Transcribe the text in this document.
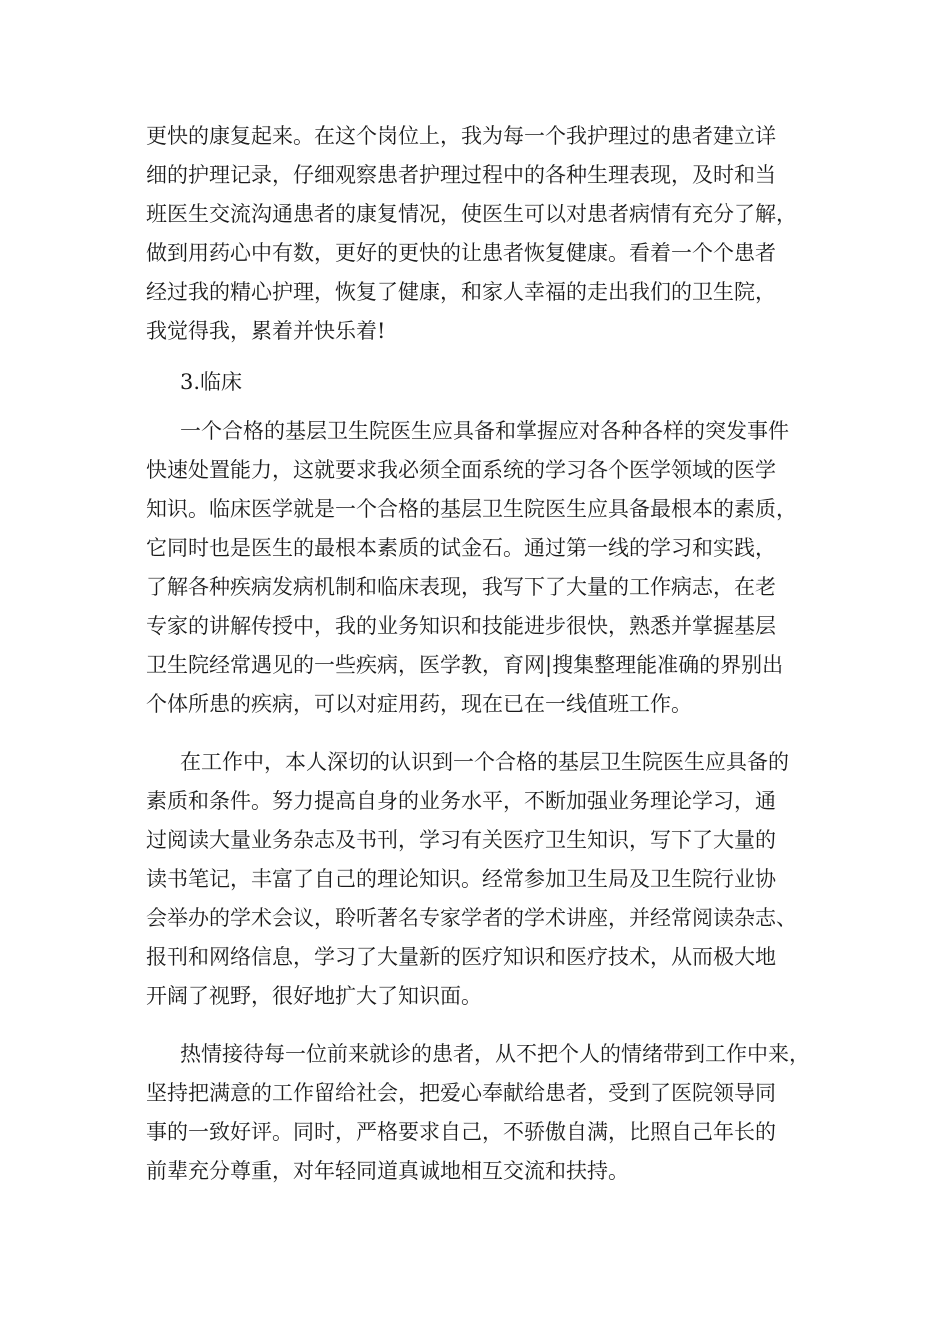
更快的康复起来。在这个岗位上，我为每一个我护理过的患者建立详
细的护理记录，仔细观察患者护理过程中的各种生理表现，及时和当
班医生交流沟通患者的康复情况，使医生可以对患者病情有充分了解，
做到用药心中有数，更好的更快的让患者恢复健康。看着一个个患者
经过我的精心护理，恢复了健康，和家人幸福的走出我们的卫生院，
我觉得我，累着并快乐着!
3.临床
一个合格的基层卫生院医生应具备和掌握应对各种各样的突发事件
快速处置能力，这就要求我必须全面系统的学习各个医学领域的医学
知识。临床医学就是一个合格的基层卫生院医生应具备最根本的素质，
它同时也是医生的最根本素质的试金石。通过第一线的学习和实践，
了解各种疾病发病机制和临床表现，我写下了大量的工作病志，在老
专家的讲解传授中，我的业务知识和技能进步很快，熟悉并掌握基层
卫生院经常遇见的一些疾病，医学教，育网|搜集整理能准确的界别出
个体所患的疾病，可以对症用药，现在已在一线值班工作。
在工作中，本人深切的认识到一个合格的基层卫生院医生应具备的
素质和条件。努力提高自身的业务水平，不断加强业务理论学习，通
过阅读大量业务杂志及书刊，学习有关医疗卫生知识，写下了大量的
读书笔记，丰富了自己的理论知识。经常参加卫生局及卫生院行业协
会举办的学术会议，聆听著名专家学者的学术讲座，并经常阅读杂志、
报刊和网络信息，学习了大量新的医疗知识和医疗技术，从而极大地
开阔了视野，很好地扩大了知识面。
热情接待每一位前来就诊的患者，从不把个人的情绪带到工作中来，
坚持把满意的工作留给社会，把爱心奉献给患者，受到了医院领导同
事的一致好评。同时，严格要求自己，不骄傲自满，比照自己年长的
前辈充分尊重，对年轻同道真诚地相互交流和扶持。
